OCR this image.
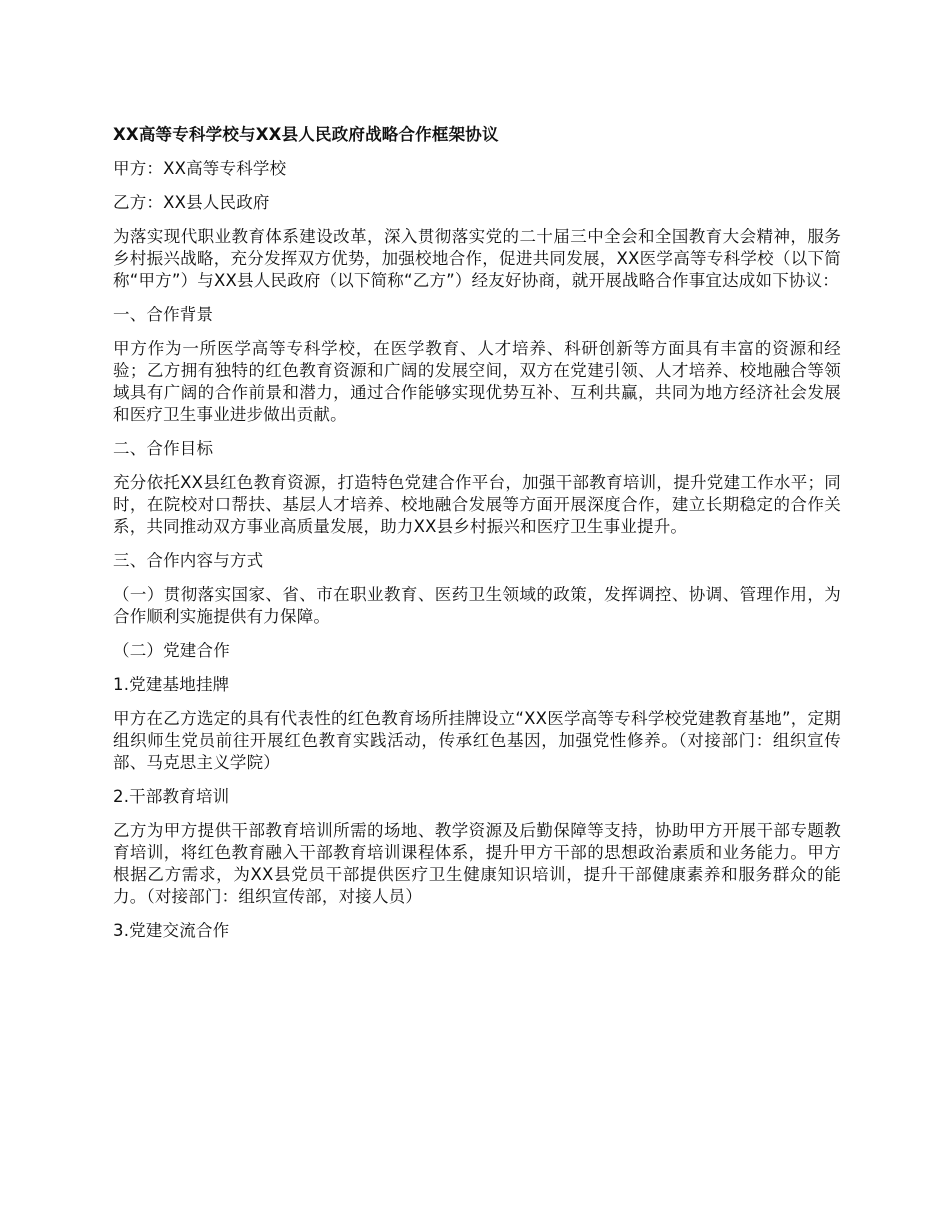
XX高等专科学校与XX县人民政府战略合作框架协议

甲方：XX高等专科学校

乙方：XX县人民政府

为落实现代职业教育体系建设改革，深入贯彻落实党的二十届三中全会和全国教育大会精神，服务乡村振兴战略，充分发挥双方优势，加强校地合作，促进共同发展，XX医学高等专科学校（以下简称“甲方”）与XX县人民政府（以下简称“乙方”）经友好协商，就开展战略合作事宜达成如下协议：

一、合作背景

甲方作为一所医学高等专科学校，在医学教育、人才培养、科研创新等方面具有丰富的资源和经验；乙方拥有独特的红色教育资源和广阔的发展空间，双方在党建引领、人才培养、校地融合等领域具有广阔的合作前景和潜力，通过合作能够实现优势互补、互利共赢，共同为地方经济社会发展和医疗卫生事业进步做出贡献。

二、合作目标

充分依托XX县红色教育资源，打造特色党建合作平台，加强干部教育培训，提升党建工作水平；同时，在院校对口帮扶、基层人才培养、校地融合发展等方面开展深度合作，建立长期稳定的合作关系，共同推动双方事业高质量发展，助力XX县乡村振兴和医疗卫生事业提升。

三、合作内容与方式

（一）贯彻落实国家、省、市在职业教育、医药卫生领域的政策，发挥调控、协调、管理作用，为合作顺利实施提供有力保障。

（二）党建合作

1.党建基地挂牌

甲方在乙方选定的具有代表性的红色教育场所挂牌设立“XX医学高等专科学校党建教育基地”，定期组织师生党员前往开展红色教育实践活动，传承红色基因，加强党性修养。（对接部门：组织宣传部、马克思主义学院）

2.干部教育培训

乙方为甲方提供干部教育培训所需的场地、教学资源及后勤保障等支持，协助甲方开展干部专题教育培训，将红色教育融入干部教育培训课程体系，提升甲方干部的思想政治素质和业务能力。甲方根据乙方需求，为XX县党员干部提供医疗卫生健康知识培训，提升干部健康素养和服务群众的能力。（对接部门：组织宣传部，对接人员）

3.党建交流合作
